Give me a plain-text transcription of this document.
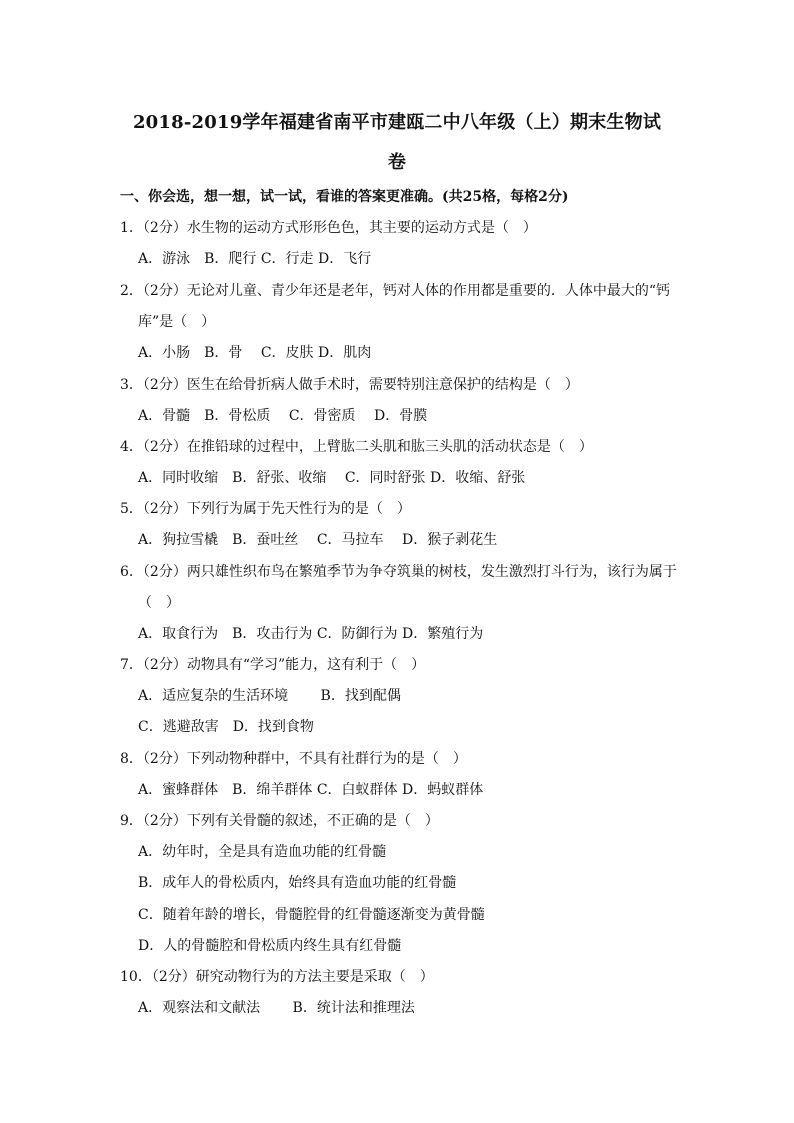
2018-2019学年福建省南平市建瓯二中八年级（上）期末生物试
卷
一、你会选，想一想，试一试，看谁的答案更准确。(共25格，每格2分)
1．（2分）水生物的运动方式形形色色，其主要的运动方式是（　）
A．游泳　B．爬行 C．行走 D．飞行
2．（2分）无论对儿童、青少年还是老年，钙对人体的作用都是重要的．人体中最大的“钙
库”是（　）
A．小肠　B．骨　 C．皮肤 D．肌肉
3．（2分）医生在给骨折病人做手术时，需要特别注意保护的结构是（　）
A．骨髓　B．骨松质　 C．骨密质　 D．骨膜
4．（2分）在推铅球的过程中，上臂肱二头肌和肱三头肌的活动状态是（　）
A．同时收缩　B．舒张、收缩　 C．同时舒张 D．收缩、舒张
5．（2分）下列行为属于先天性行为的是（　）
A．狗拉雪橇　B．蚕吐丝　 C．马拉车　 D．猴子剥花生
6．（2分）两只雄性织布鸟在繁殖季节为争夺筑巢的树枝，发生激烈打斗行为，该行为属于
（　）
A．取食行为　B．攻击行为 C．防御行为 D．繁殖行为
7．（2分）动物具有“学习”能力，这有利于（　）
A．适应复杂的生活环境　　 B．找到配偶
C．逃避敌害　D．找到食物
8．（2分）下列动物种群中，不具有社群行为的是（　）
A．蜜蜂群体　B．绵羊群体 C．白蚁群体 D．蚂蚁群体
9．（2分）下列有关骨髓的叙述，不正确的是（　）
A．幼年时，全是具有造血功能的红骨髓
B．成年人的骨松质内，始终具有造血功能的红骨髓
C．随着年龄的增长，骨髓腔骨的红骨髓逐渐变为黄骨髓
D．人的骨髓腔和骨松质内终生具有红骨髓
10．（2分）研究动物行为的方法主要是采取（　）
A．观察法和文献法　　 B．统计法和推理法
